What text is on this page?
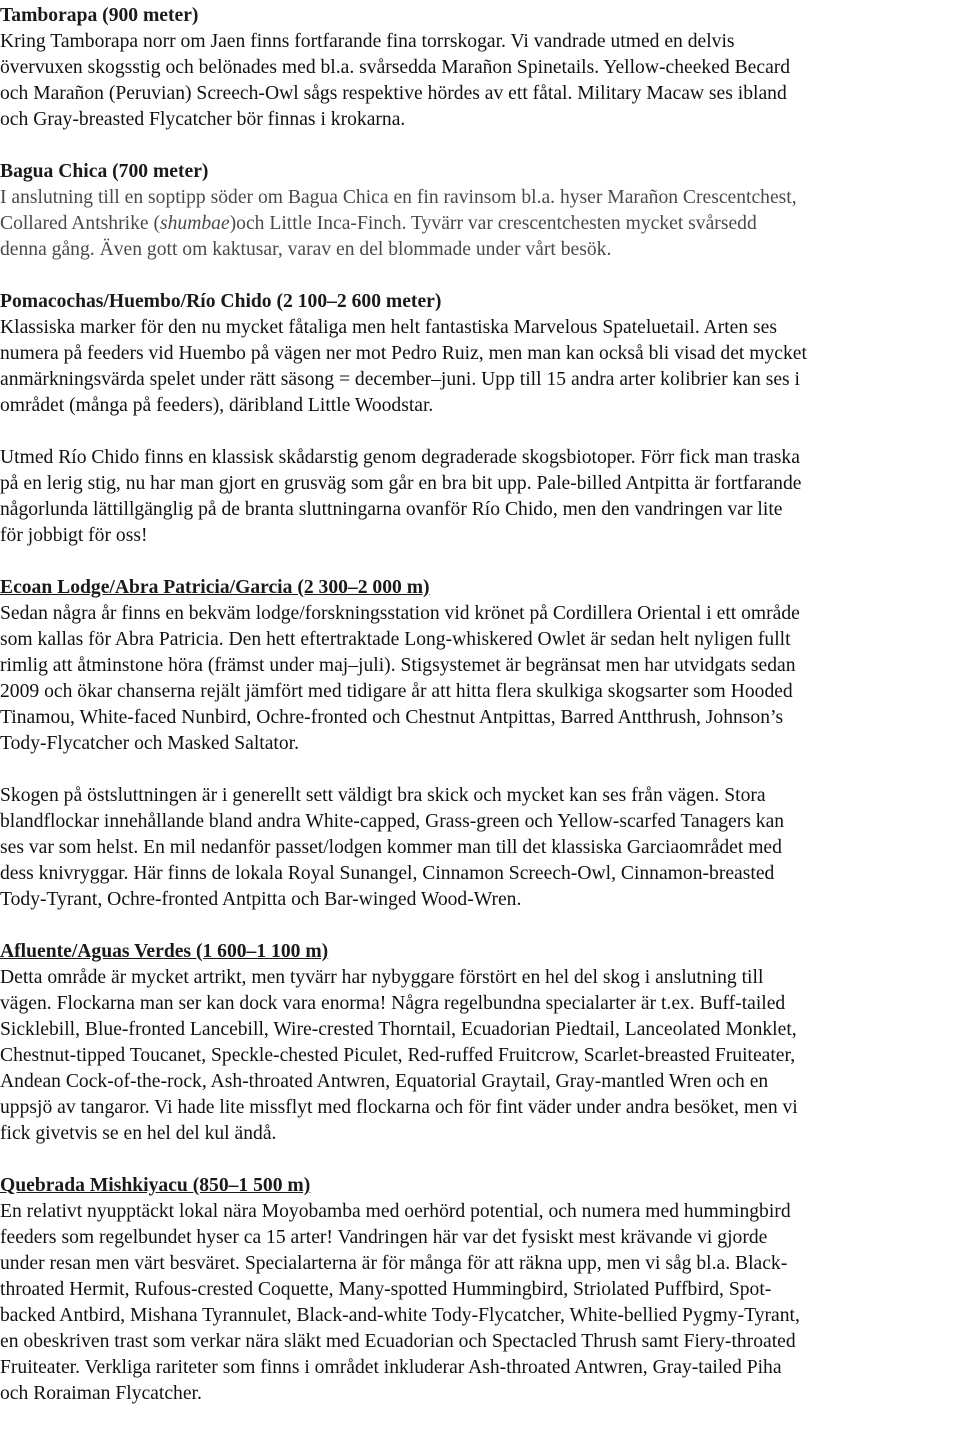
Tamborapa (900 meter)
Kring Tamborapa norr om Jaen finns fortfarande fina torrskogar. Vi vandrade utmed en delvis
övervuxen skogsstig och belönades med bl.a. svårsedda Marañon Spinetails. Yellow-cheeked Becard
och Marañon (Peruvian) Screech-Owl sågs respektive hördes av ett fåtal. Military Macaw ses ibland
och Gray-breasted Flycatcher bör finnas i krokarna.
Bagua Chica (700 meter)
I anslutning till en soptipp söder om Bagua Chica en fin ravinsom bl.a. hyser Marañon Crescentchest,
Collared Antshrike (shumbae)och Little Inca-Finch. Tyvärr var crescentchesten mycket svårsedd
denna gång. Även gott om kaktusar, varav en del blommade under vårt besök.
Pomacochas/Huembo/Río Chido (2 100–2 600 meter)
Klassiska marker för den nu mycket fåtaliga men helt fantastiska Marvelous Spateluetail. Arten ses
numera på feeders vid Huembo på vägen ner mot Pedro Ruiz, men man kan också bli visad det mycket
anmärkningsvärda spelet under rätt säsong = december–juni. Upp till 15 andra arter kolibrier kan ses i
området (många på feeders), däribland Little Woodstar.
Utmed Río Chido finns en klassisk skådarstig genom degraderade skogsbiotoper. Förr fick man traska
på en lerig stig, nu har man gjort en grusväg som går en bra bit upp. Pale-billed Antpitta är fortfarande
någorlunda lättillgänglig på de branta sluttningarna ovanför Río Chido, men den vandringen var lite
för jobbigt för oss!
Ecoan Lodge/Abra Patricia/Garcia (2 300–2 000 m)
Sedan några år finns en bekväm lodge/forskningsstation vid krönet på Cordillera Oriental i ett område
som kallas för Abra Patricia. Den hett eftertraktade Long-whiskered Owlet är sedan helt nyligen fullt
rimlig att åtminstone höra (främst under maj–juli). Stigsystemet är begränsat men har utvidgats sedan
2009 och ökar chanserna rejält jämfört med tidigare år att hitta flera skulkiga skogsarter som Hooded
Tinamou, White-faced Nunbird, Ochre-fronted och Chestnut Antpittas, Barred Antthrush, Johnson’s
Tody-Flycatcher och Masked Saltator.
Skogen på östsluttningen är i generellt sett väldigt bra skick och mycket kan ses från vägen. Stora
blandflockar innehållande bland andra White-capped, Grass-green och Yellow-scarfed Tanagers kan
ses var som helst. En mil nedanför passet/lodgen kommer man till det klassiska Garciaområdet med
dess knivryggar. Här finns de lokala Royal Sunangel, Cinnamon Screech-Owl, Cinnamon-breasted
Tody-Tyrant, Ochre-fronted Antpitta och Bar-winged Wood-Wren.
Afluente/Aguas Verdes (1 600–1 100 m)
Detta område är mycket artrikt, men tyvärr har nybyggare förstört en hel del skog i anslutning till
vägen. Flockarna man ser kan dock vara enorma! Några regelbundna specialarter är t.ex. Buff-tailed
Sicklebill, Blue-fronted Lancebill, Wire-crested Thorntail, Ecuadorian Piedtail, Lanceolated Monklet,
Chestnut-tipped Toucanet, Speckle-chested Piculet, Red-ruffed Fruitcrow, Scarlet-breasted Fruiteater,
Andean Cock-of-the-rock, Ash-throated Antwren, Equatorial Graytail, Gray-mantled Wren och en
uppsjö av tangaror. Vi hade lite missflyt med flockarna och för fint väder under andra besöket, men vi
fick givetvis se en hel del kul ändå.
Quebrada Mishkiyacu (850–1 500 m)
En relativt nyupptäckt lokal nära Moyobamba med oerhörd potential, och numera med hummingbird
feeders som regelbundet hyser ca 15 arter! Vandringen här var det fysiskt mest krävande vi gjorde
under resan men värt besväret. Specialarterna är för många för att räkna upp, men vi såg bl.a. Black-
throated Hermit, Rufous-crested Coquette, Many-spotted Hummingbird, Striolated Puffbird, Spot-
backed Antbird, Mishana Tyrannulet, Black-and-white Tody-Flycatcher, White-bellied Pygmy-Tyrant,
en obeskriven trast som verkar nära släkt med Ecuadorian och Spectacled Thrush samt Fiery-throated
Fruiteater. Verkliga rariteter som finns i området inkluderar Ash-throated Antwren, Gray-tailed Piha
och Roraiman Flycatcher.
